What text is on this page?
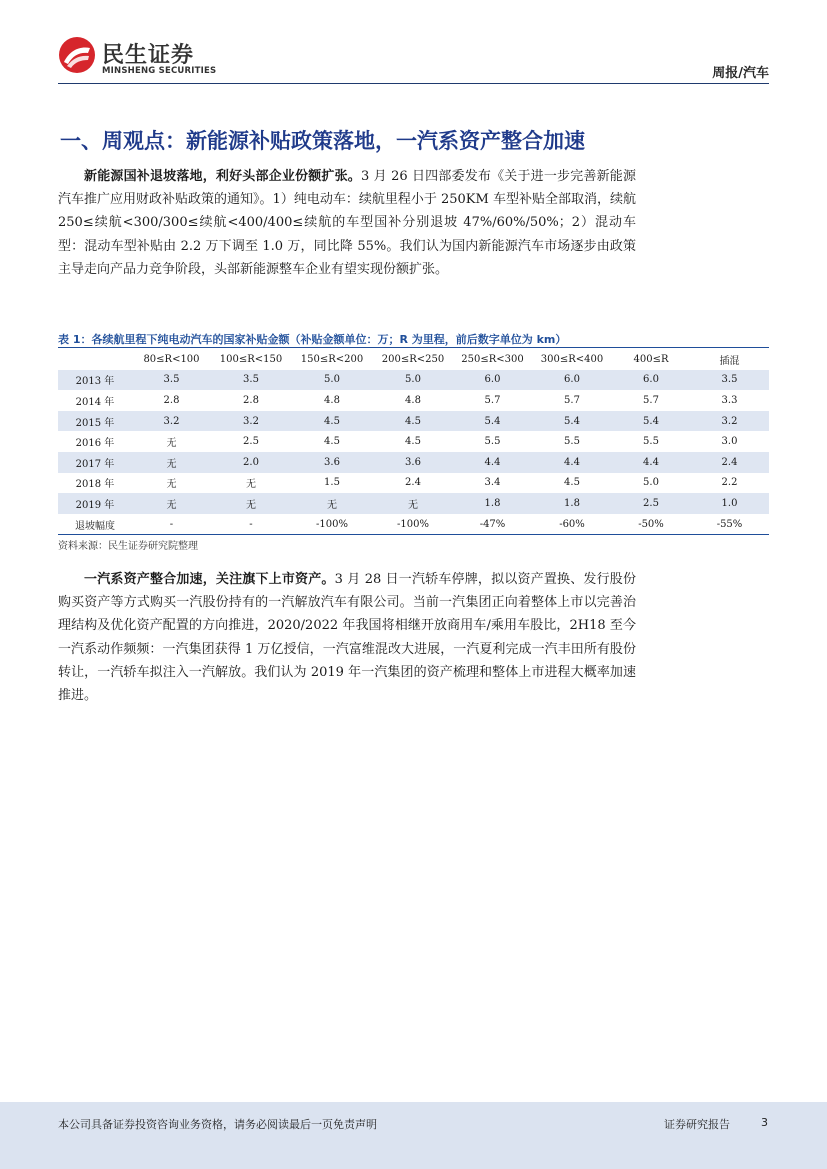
民生证券
MINSHENG SECURITIES	周报/汽车
一、周观点：新能源补贴政策落地，一汽系资产整合加速

新能源国补退坡落地，利好头部企业份额扩张。3 月 26 日四部委发布《关于进一步完善新能源汽车推广应用财政补贴政策的通知》。1）纯电动车：续航里程小于 250KM 车型补贴全部取消，续航 250≤续航<300/300≤续航<400/400≤续航的车型国补分别退坡 47%/60%/50%；2）混动车型：混动车型补贴由 2.2 万下调至 1.0 万，同比降 55%。我们认为国内新能源汽车市场逐步由政策主导走向产品力竞争阶段，头部新能源整车企业有望实现份额扩张。

表 1：各续航里程下纯电动汽车的国家补贴金额（补贴金额单位：万；R 为里程，前后数字单位为 km）
	80≤R<100	100≤R<150	150≤R<200	200≤R<250	250≤R<300	300≤R<400	400≤R	插混
2013 年	3.5	3.5	5.0	5.0	6.0	6.0	6.0	3.5
2014 年	2.8	2.8	4.8	4.8	5.7	5.7	5.7	3.3
2015 年	3.2	3.2	4.5	4.5	5.4	5.4	5.4	3.2
2016 年	无	2.5	4.5	4.5	5.5	5.5	5.5	3.0
2017 年	无	2.0	3.6	3.6	4.4	4.4	4.4	2.4
2018 年	无	无	1.5	2.4	3.4	4.5	5.0	2.2
2019 年	无	无	无	无	1.8	1.8	2.5	1.0
退坡幅度	-	-	-100%	-100%	-47%	-60%	-50%	-55%
资料来源：民生证券研究院整理

一汽系资产整合加速，关注旗下上市资产。3 月 28 日一汽轿车停牌，拟以资产置换、发行股份购买资产等方式购买一汽股份持有的一汽解放汽车有限公司。当前一汽集团正向着整体上市以完善治理结构及优化资产配置的方向推进，2020/2022 年我国将相继开放商用车/乘用车股比，2H18 至今一汽系动作频频：一汽集团获得 1 万亿授信，一汽富维混改大进展，一汽夏利完成一汽丰田所有股份转让，一汽轿车拟注入一汽解放。我们认为 2019 年一汽集团的资产梳理和整体上市进程大概率加速推进。

本公司具备证券投资咨询业务资格，请务必阅读最后一页免责声明	证券研究报告	3
